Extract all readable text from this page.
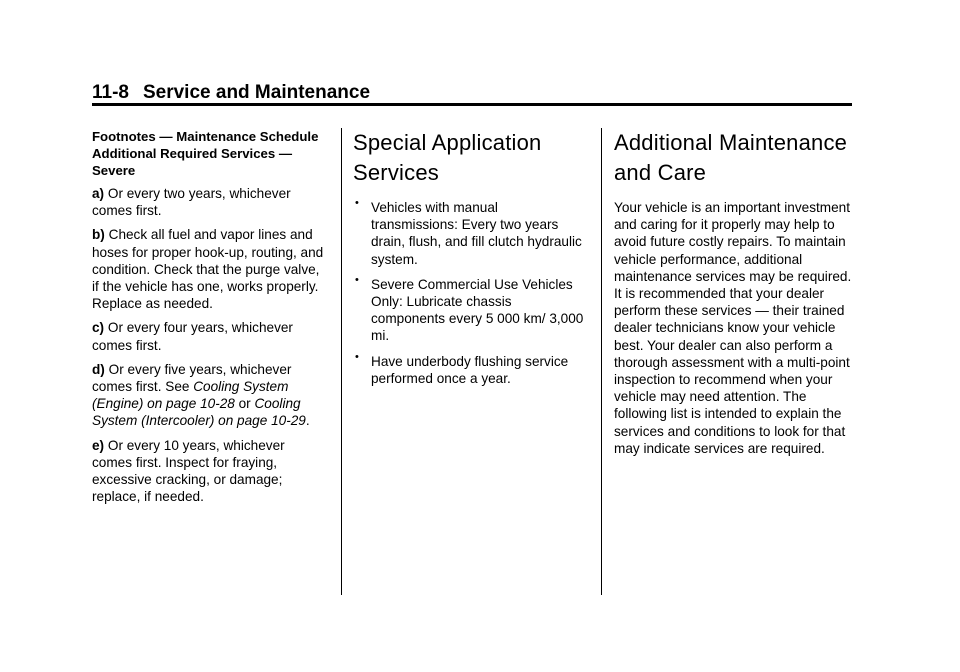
11-8 Service and Maintenance

Footnotes — Maintenance Schedule Additional Required Services — Severe

a) Or every two years, whichever comes first.

b) Check all fuel and vapor lines and hoses for proper hook-up, routing, and condition. Check that the purge valve, if the vehicle has one, works properly. Replace as needed.

c) Or every four years, whichever comes first.

d) Or every five years, whichever comes first. See Cooling System (Engine) on page 10-28 or Cooling System (Intercooler) on page 10-29.

e) Or every 10 years, whichever comes first. Inspect for fraying, excessive cracking, or damage; replace, if needed.

Special Application Services
• Vehicles with manual transmissions: Every two years drain, flush, and fill clutch hydraulic system.
• Severe Commercial Use Vehicles Only: Lubricate chassis components every 5 000 km/ 3,000 mi.
• Have underbody flushing service performed once a year.
Additional Maintenance and Care

Your vehicle is an important investment and caring for it properly may help to avoid future costly repairs. To maintain vehicle performance, additional maintenance services may be required. It is recommended that your dealer perform these services — their trained dealer technicians know your vehicle best. Your dealer can also perform a thorough assessment with a multi-point inspection to recommend when your vehicle may need attention. The following list is intended to explain the services and conditions to look for that may indicate services are required.
